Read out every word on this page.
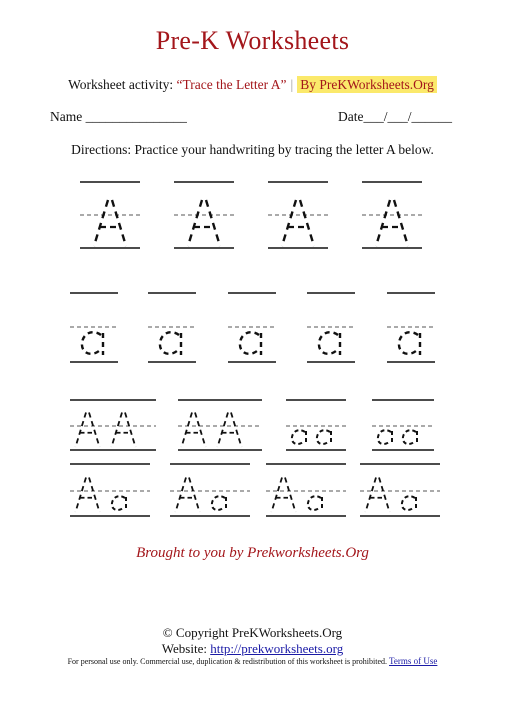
Pre-K Worksheets
Worksheet activity: “Trace the Letter A” | By PreKWorksheets.Org
Name _______________	Date___/___/______
Directions: Practice your handwriting by tracing the letter A below.
Brought to you by Prekworksheets.Org
© Copyright PreKWorksheets.Org
Website: http://prekworksheets.org
For personal use only. Commercial use, duplication & redistribution of this worksheet is prohibited. Terms of Use
